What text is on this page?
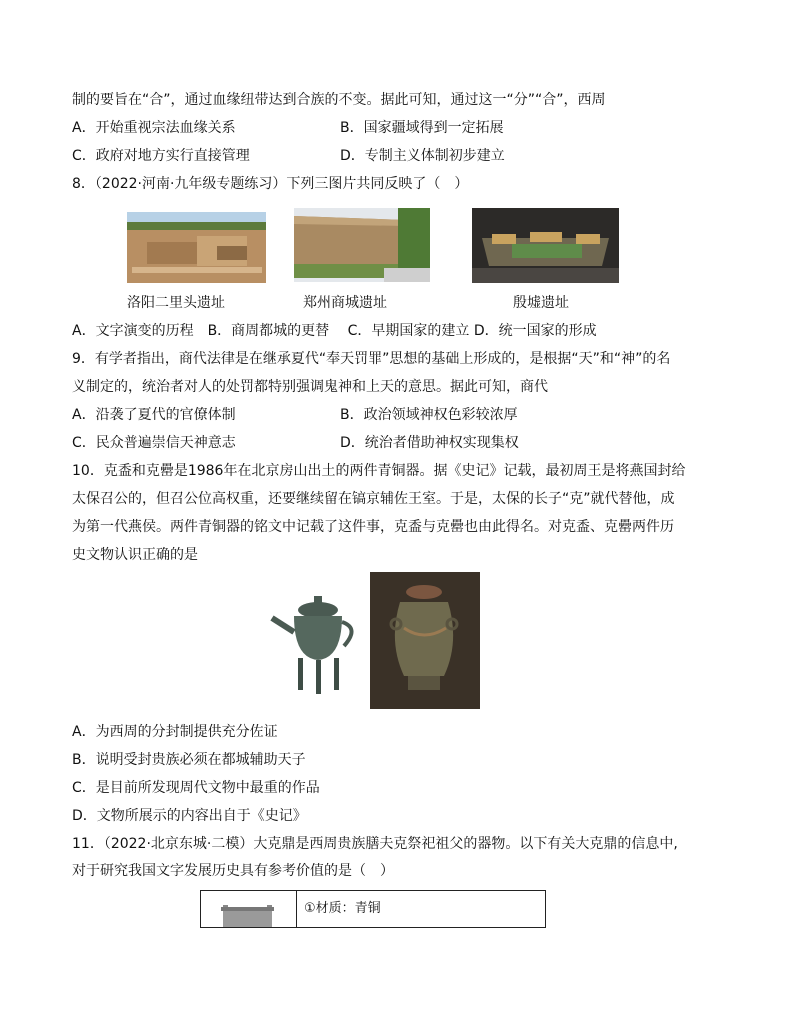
制的要旨在“合”，通过血缘纽带达到合族的不变。据此可知，通过这一“分”“合”，西周
A．开始重视宗法血缘关系	B．国家疆域得到一定拓展
C．政府对地方实行直接管理	D．专制主义体制初步建立
8．（2022·河南·九年级专题练习）下列三图片共同反映了（　）
洛阳二里头遗址	郑州商城遗址	殷墟遗址
A．文字演变的历程　B．商周都城的更替　 C．早期国家的建立 D．统一国家的形成
9．有学者指出，商代法律是在继承夏代“奉天罚罪”思想的基础上形成的，是根据“天”和“神”的名
义制定的，统治者对人的处罚都特别强调鬼神和上天的意思。据此可知，商代
A．沿袭了夏代的官僚体制	B．政治领域神权色彩较浓厚
C．民众普遍崇信天神意志	D．统治者借助神权实现集权
10．克盉和克罍是1986年在北京房山出土的两件青铜器。据《史记》记载，最初周王是将燕国封给
太保召公的，但召公位高权重，还要继续留在镐京辅佐王室。于是，太保的长子“克”就代替他，成
为第一代燕侯。两件青铜器的铭文中记载了这件事，克盉与克罍也由此得名。对克盉、克罍两件历
史文物认识正确的是
A．为西周的分封制提供充分佐证
B．说明受封贵族必须在都城辅助天子
C．是目前所发现周代文物中最重的作品
D．文物所展示的内容出自于《史记》
11．（2022·北京东城·二模）大克鼎是西周贵族膳夫克祭祀祖父的器物。以下有关大克鼎的信息中,
对于研究我国文字发展历史具有参考价值的是（　）
①材质：青铜
